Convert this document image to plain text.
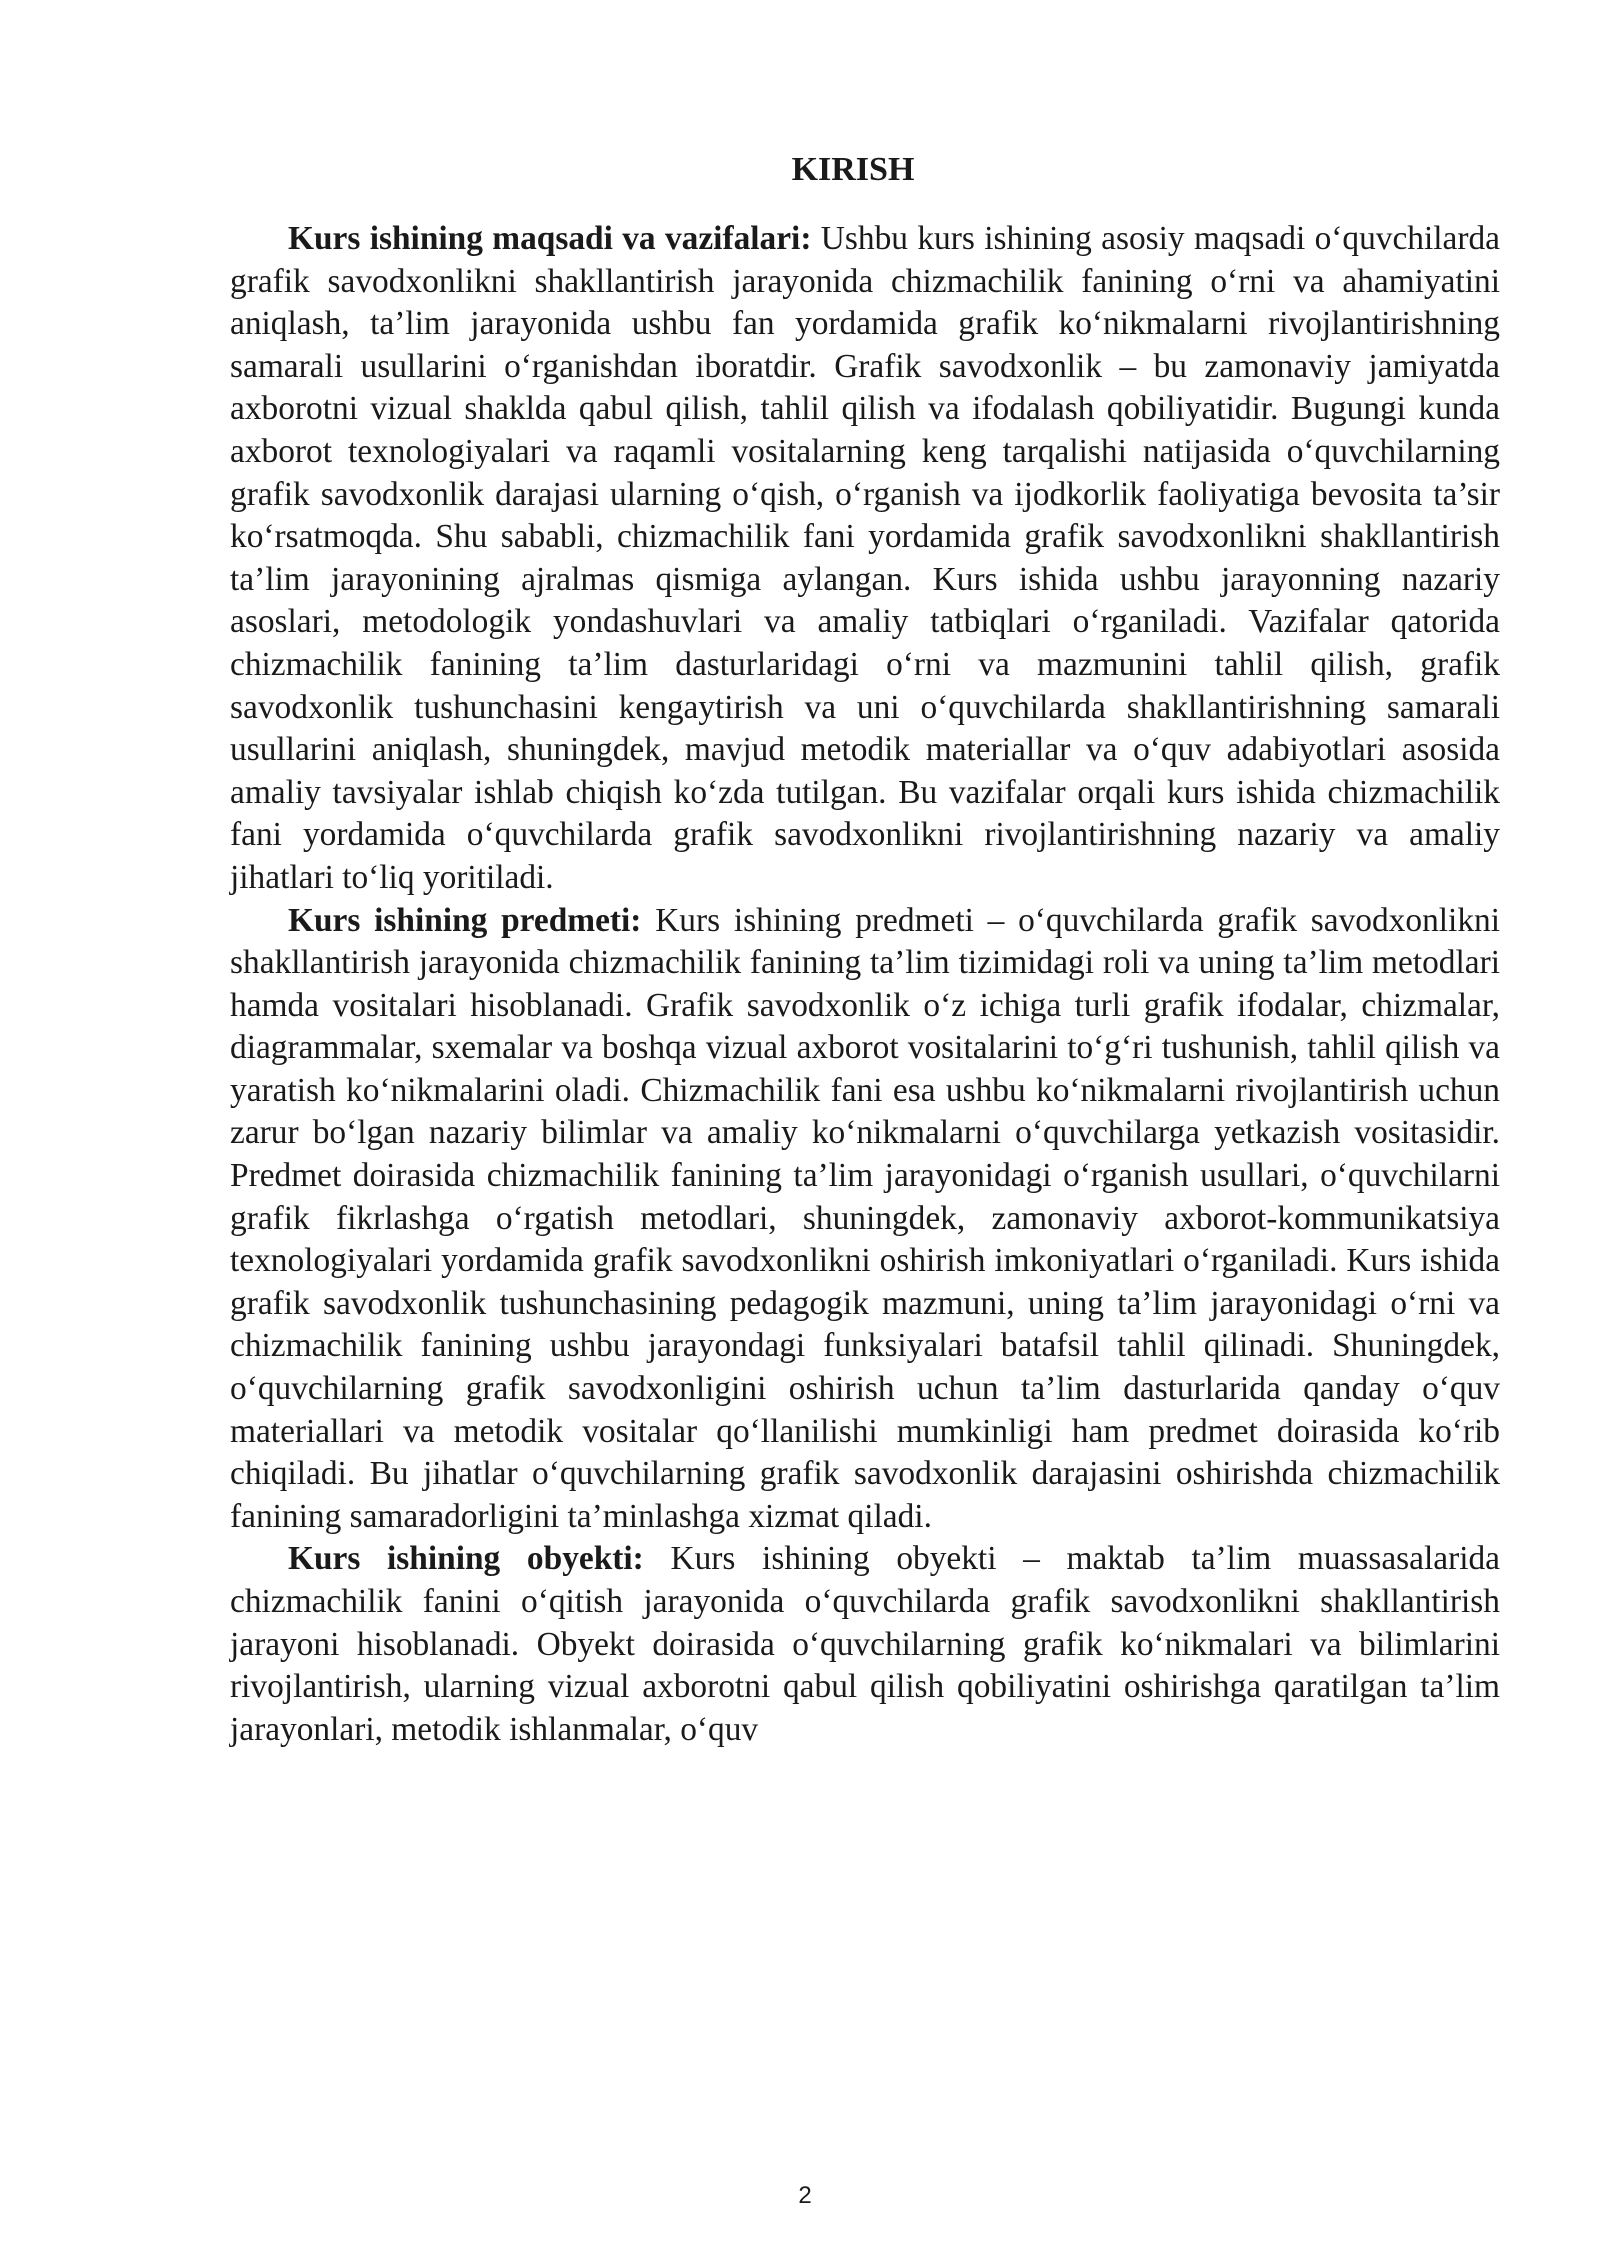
KIRISH

Kurs ishining maqsadi va vazifalari: Ushbu kurs ishining asosiy maqsadi o‘quvchilarda grafik savodxonlikni shakllantirish jarayonida chizmachilik fanining o‘rni va ahamiyatini aniqlash, ta’lim jarayonida ushbu fan yordamida grafik ko‘nikmalarni rivojlantirishning samarali usullarini o‘rganishdan iboratdir. Grafik savodxonlik – bu zamonaviy jamiyatda axborotni vizual shaklda qabul qilish, tahlil qilish va ifodalash qobiliyatidir. Bugungi kunda axborot texnologiyalari va raqamli vositalarning keng tarqalishi natijasida o‘quvchilarning grafik savodxonlik darajasi ularning o‘qish, o‘rganish va ijodkorlik faoliyatiga bevosita ta’sir ko‘rsatmoqda. Shu sababli, chizmachilik fani yordamida grafik savodxonlikni shakllantirish ta’lim jarayonining ajralmas qismiga aylangan. Kurs ishida ushbu jarayonning nazariy asoslari, metodologik yondashuvlari va amaliy tatbiqlari o‘rganiladi. Vazifalar qatorida chizmachilik fanining ta’lim dasturlaridagi o‘rni va mazmunini tahlil qilish, grafik savodxonlik tushunchasini kengaytirish va uni o‘quvchilarda shakllantirishning samarali usullarini aniqlash, shuningdek, mavjud metodik materiallar va o‘quv adabiyotlari asosida amaliy tavsiyalar ishlab chiqish ko‘zda tutilgan. Bu vazifalar orqali kurs ishida chizmachilik fani yordamida o‘quvchilarda grafik savodxonlikni rivojlantirishning nazariy va amaliy jihatlari to‘liq yoritiladi.

Kurs ishining predmeti: Kurs ishining predmeti – o‘quvchilarda grafik savodxonlikni shakllantirish jarayonida chizmachilik fanining ta’lim tizimidagi roli va uning ta’lim metodlari hamda vositalari hisoblanadi. Grafik savodxonlik o‘z ichiga turli grafik ifodalar, chizmalar, diagrammalar, sxemalar va boshqa vizual axborot vositalarini to‘g‘ri tushunish, tahlil qilish va yaratish ko‘nikmalarini oladi. Chizmachilik fani esa ushbu ko‘nikmalarni rivojlantirish uchun zarur bo‘lgan nazariy bilimlar va amaliy ko‘nikmalarni o‘quvchilarga yetkazish vositasidir. Predmet doirasida chizmachilik fanining ta’lim jarayonidagi o‘rganish usullari, o‘quvchilarni grafik fikrlashga o‘rgatish metodlari, shuningdek, zamonaviy axborot-kommunikatsiya texnologiyalari yordamida grafik savodxonlikni oshirish imkoniyatlari o‘rganiladi. Kurs ishida grafik savodxonlik tushunchasining pedagogik mazmuni, uning ta’lim jarayonidagi o‘rni va chizmachilik fanining ushbu jarayondagi funksiyalari batafsil tahlil qilinadi. Shuningdek, o‘quvchilarning grafik savodxonligini oshirish uchun ta’lim dasturlarida qanday o‘quv materiallari va metodik vositalar qo‘llanilishi mumkinligi ham predmet doirasida ko‘rib chiqiladi. Bu jihatlar o‘quvchilarning grafik savodxonlik darajasini oshirishda chizmachilik fanining samaradorligini ta’minlashga xizmat qiladi.

Kurs ishining obyekti: Kurs ishining obyekti – maktab ta’lim muassasalarida chizmachilik fanini o‘qitish jarayonida o‘quvchilarda grafik savodxonlikni shakllantirish jarayoni hisoblanadi. Obyekt doirasida o‘quvchilarning grafik ko‘nikmalari va bilimlarini rivojlantirish, ularning vizual axborotni qabul qilish qobiliyatini oshirishga qaratilgan ta’lim jarayonlari, metodik ishlanmalar, o‘quv

2
